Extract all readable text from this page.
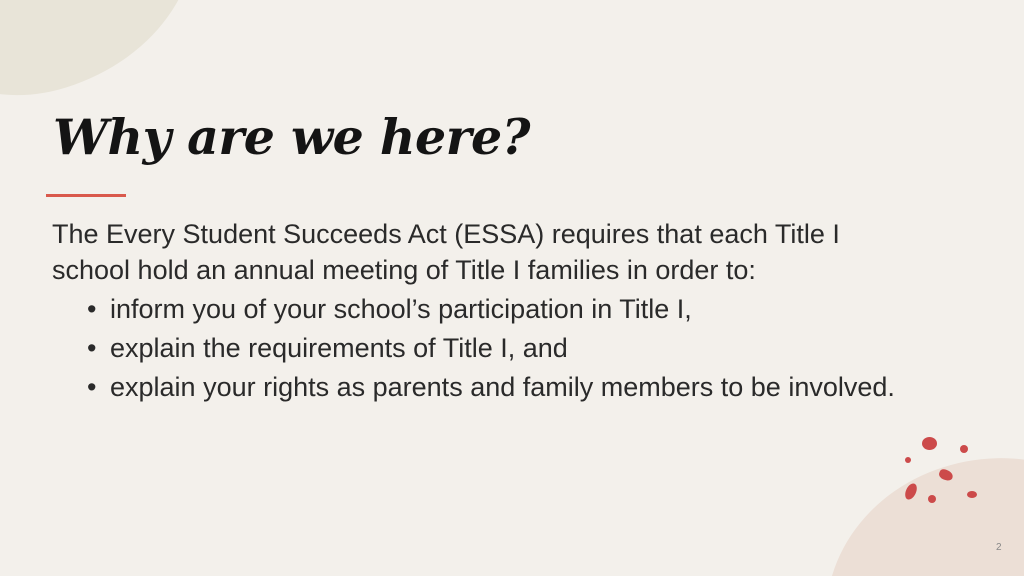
Why are we here?

The Every Student Succeeds Act (ESSA) requires that each Title I school hold an annual meeting of Title I families in order to:

• inform you of your school’s participation in Title I,
• explain the requirements of Title I, and
• explain your rights as parents and family members to be involved.
2
